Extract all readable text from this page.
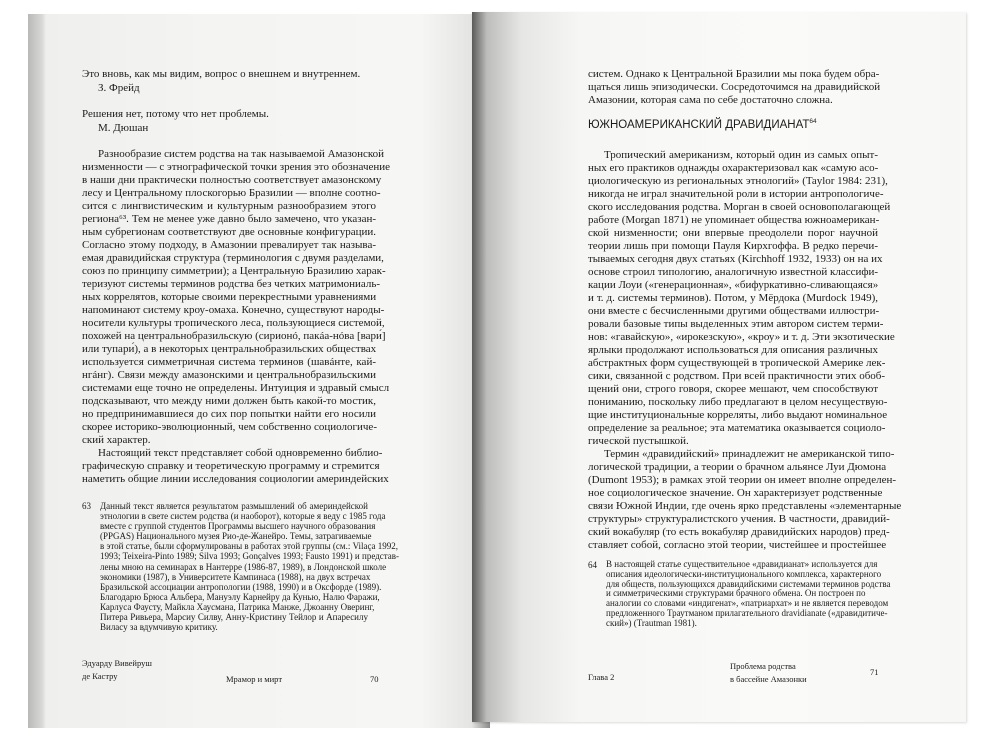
Это вновь, как мы видим, вопрос о внешнем и внутреннем.
З. Фрейд
Решения нет, потому что нет проблемы.
М. Дюшан
Разнообразие систем родства на так называемой Амазонской
низменности — с этнографической точки зрения это обозначение
в наши дни практически полностью соответствует амазонскому
лесу и Центральному плоскогорью Бразилии — вполне соотно-
сится с лингвистическим и культурным разнообразием этого
региона⁶³. Тем не менее уже давно было замечено, что указан-
ным субрегионам соответствуют две основные конфигурации.
Согласно этому подходу, в Амазонии превалирует так называ-
емая дравидийская структура (терминология с двумя разделами,
союз по принципу симметрии); а Центральную Бразилию харак-
теризуют системы терминов родства без четких матримониаль-
ных коррелятов, которые своими перекрестными уравнениями
напоминают систему кроу-омаха. Конечно, существуют народы-
носители культуры тропического леса, пользующиеся системой,
похожей на центральнобразильскую (сирионó, пакáа-нóва [вари́]
или тупари́), а в некоторых центральнобразильских обществах
используется симметричная система терминов (шавáнте, кай-
нгáнг). Связи между амазонскими и центральнобразильскими
системами еще точно не определены. Интуиция и здравый смысл
подсказывают, что между ними должен быть какой-то мостик,
но предпринимавшиеся до сих пор попытки найти его носили
скорее историко-эволюционный, чем собственно социологиче-
ский характер.
Настоящий текст представляет собой одновременно библио-
графическую справку и теоретическую программу и стремится
наметить общие линии исследования социологии америндейских
63	Данный текст является результатом размышлений об америндейской
этнологии в свете систем родства (и наоборот), которые я веду с 1985 года
вместе с группой студентов Программы высшего научного образования
(PPGAS) Национального музея Рио-де-Жанейро. Темы, затрагиваемые
в этой статье, были сформулированы в работах этой группы (см.: Vilaça 1992,
1993; Teixeira-Pinto 1989; Silva 1993; Gonçalves 1993; Fausto 1991) и представ-
лены мною на семинарах в Нантерре (1986-87, 1989), в Лондонской школе
экономики (1987), в Университете Кампинаса (1988), на двух встречах
Бразильской ассоциации антропологии (1988, 1990) и в Оксфорде (1989).
Благодарю Брюса Альбера, Мануэлу Карнейру да Кунью, Налю Фаражи,
Карлуса Фаусту, Майкла Хаусмана, Патрика Манже, Джоанну Оверинг,
Питера Ривьера, Марсиу Силву, Анну-Кристину Тейлор и Апаресилу
Виласу за вдумчивую критику.
Эдуарду Вивейруш
де Кастру	Мрамор и мирт	70
систем. Однако к Центральной Бразилии мы пока будем обра-
щаться лишь эпизодически. Сосредоточимся на дравидийской
Амазонии, которая сама по себе достаточно сложна.
ЮЖНОАМЕРИКАНСКИЙ ДРАВИДИАНАТ$^{64}$
Тропический американизм, который один из самых опыт-
ных его практиков однажды охарактеризовал как «самую асо-
циологическую из региональных этнологий» (Taylor 1984: 231),
никогда не играл значительной роли в истории антропологиче-
ского исследования родства. Морган в своей основополагающей
работе (Morgan 1871) не упоминает общества южноамерикан-
ской низменности; они впервые преодолели порог научной
теории лишь при помощи Пауля Кирхгоффа. В редко перечи-
тываемых сегодня двух статьях (Kirchhoff 1932, 1933) он на их
основе строил типологию, аналогичную известной классифи-
кации Лоуи («генерационная», «бифуркативно-сливающаяся»
и т. д. системы терминов). Потом, у Мёрдока (Murdock 1949),
они вместе с бесчисленными другими обществами иллюстри-
ровали базовые типы выделенных этим автором систем терми-
нов: «гавайскую», «ирокезскую», «кроу» и т. д. Эти экзотические
ярлыки продолжают использоваться для описания различных
абстрактных форм существующей в тропической Америке лек-
сики, связанной с родством. При всей практичности этих обоб-
щений они, строго говоря, скорее мешают, чем способствуют
пониманию, поскольку либо предлагают в целом несуществую-
щие институциональные корреляты, либо выдают номинальное
определение за реальное; эта математика оказывается социоло-
гической пустышкой.
Термин «дравидийский» принадлежит не американской типо-
логической традиции, а теории о брачном альянсе Луи Дюмона
(Dumont 1953); в рамках этой теории он имеет вполне определен-
ное социологическое значение. Он характеризует родственные
связи Южной Индии, где очень ярко представлены «элементарные
структуры» структуралистского учения. В частности, дравидий-
ский вокабуляр (то есть вокабуляр дравидийских народов) пред-
ставляет собой, согласно этой теории, чистейшее и простейшее
64	В настоящей статье существительное «дравидианат» используется для
описания идеологически-институционального комплекса, характерного
для обществ, пользующихся дравидийскими системами терминов родства
и симметрическими структурами брачного обмена. Он построен по
аналогии со словами «индигенат», «патриархат» и не является переводом
предложенного Траутманом прилагательного dravidianate («дравидитиче-
ский») (Trautman 1981).
Глава 2
Проблема родства
в бассейне Амазонки
71
